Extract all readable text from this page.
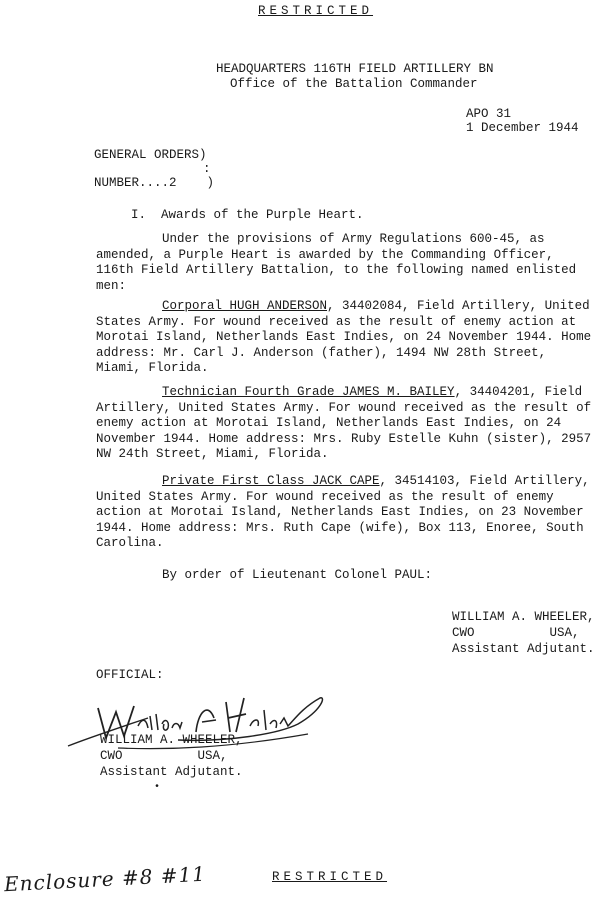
RESTRICTED
HEADQUARTERS 116TH FIELD ARTILLERY BN
Office of the Battalion Commander
APO 31
1 December 1944
GENERAL ORDERS)
:
NUMBER....2    )
I.  Awards of the Purple Heart.
Under the provisions of Army Regulations 600-45, as amended, a Purple Heart is awarded by the Commanding Officer, 116th Field Artillery Battalion, to the following named enlisted men:
Corporal HUGH ANDERSON, 34402084, Field Artillery, United States Army. For wound received as the result of enemy action at Morotai Island, Netherlands East Indies, on 24 November 1944. Home address: Mr. Carl J. Anderson (father), 1494 NW 28th Street, Miami, Florida.
Technician Fourth Grade JAMES M. BAILEY, 34404201, Field Artillery, United States Army. For wound received as the result of enemy action at Morotai Island, Netherlands East Indies, on 24 November 1944. Home address: Mrs. Ruby Estelle Kuhn (sister), 2957 NW 24th Street, Miami, Florida.
Private First Class JACK CAPE, 34514103, Field Artillery, United States Army. For wound received as the result of enemy action at Morotai Island, Netherlands East Indies, on 23 November 1944. Home address: Mrs. Ruth Cape (wife), Box 113, Enoree, South Carolina.
By order of Lieutenant Colonel PAUL:
WILLIAM A. WHEELER,
CWO          USA,
Assistant Adjutant.
OFFICIAL:
WILLIAM A. WHEELER,
CWO          USA,
Assistant Adjutant.
•
RESTRICTED
Enclosure #8 #11
